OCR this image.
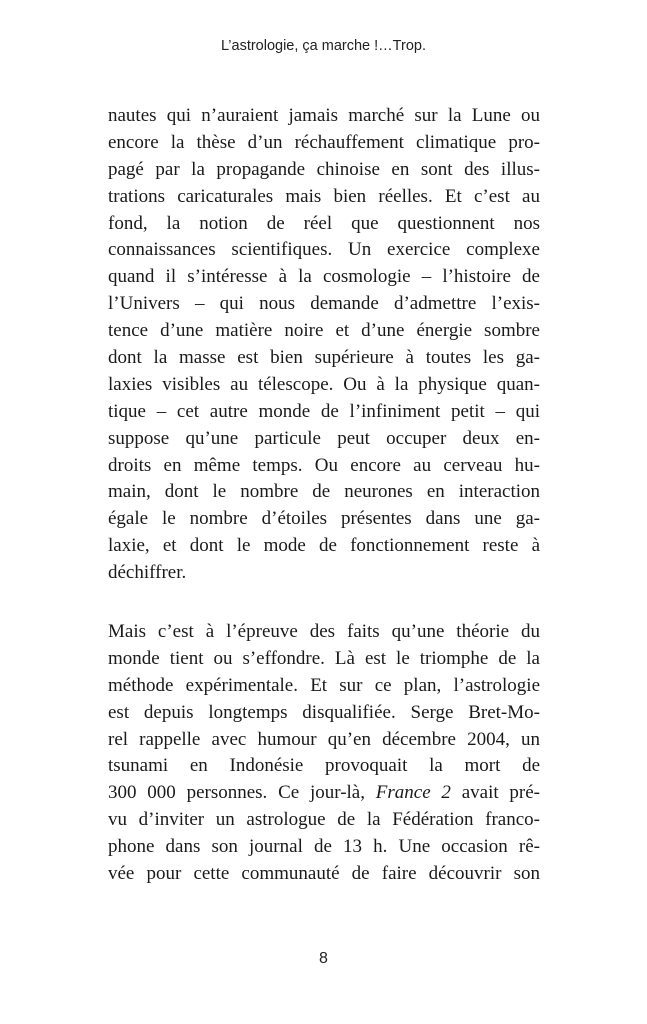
L’astrologie, ça marche !…Trop.
nautes qui n’auraient jamais marché sur la Lune ou
encore la thèse d’un réchauffement climatique pro-
pagé par la propagande chinoise en sont des illus-
trations caricaturales mais bien réelles. Et c’est au
fond, la notion de réel que questionnent nos
connaissances scientifiques. Un exercice complexe
quand il s’intéresse à la cosmologie – l’histoire de
l’Univers – qui nous demande d’admettre l’exis-
tence d’une matière noire et d’une énergie sombre
dont la masse est bien supérieure à toutes les ga-
laxies visibles au télescope. Ou à la physique quan-
tique – cet autre monde de l’infiniment petit – qui
suppose qu’une particule peut occuper deux en-
droits en même temps. Ou encore au cerveau hu-
main, dont le nombre de neurones en interaction
égale le nombre d’étoiles présentes dans une ga-
laxie, et dont le mode de fonctionnement reste à
déchiffrer.
Mais c’est à l’épreuve des faits qu’une théorie du
monde tient ou s’effondre. Là est le triomphe de la
méthode expérimentale. Et sur ce plan, l’astrologie
est depuis longtemps disqualifiée. Serge Bret-Mo-
rel rappelle avec humour qu’en décembre 2004, un
tsunami en Indonésie provoquait la mort de
300 000 personnes. Ce jour-là, France 2 avait pré-
vu d’inviter un astrologue de la Fédération franco-
phone dans son journal de 13 h. Une occasion rê-
vée pour cette communauté de faire découvrir son
8
